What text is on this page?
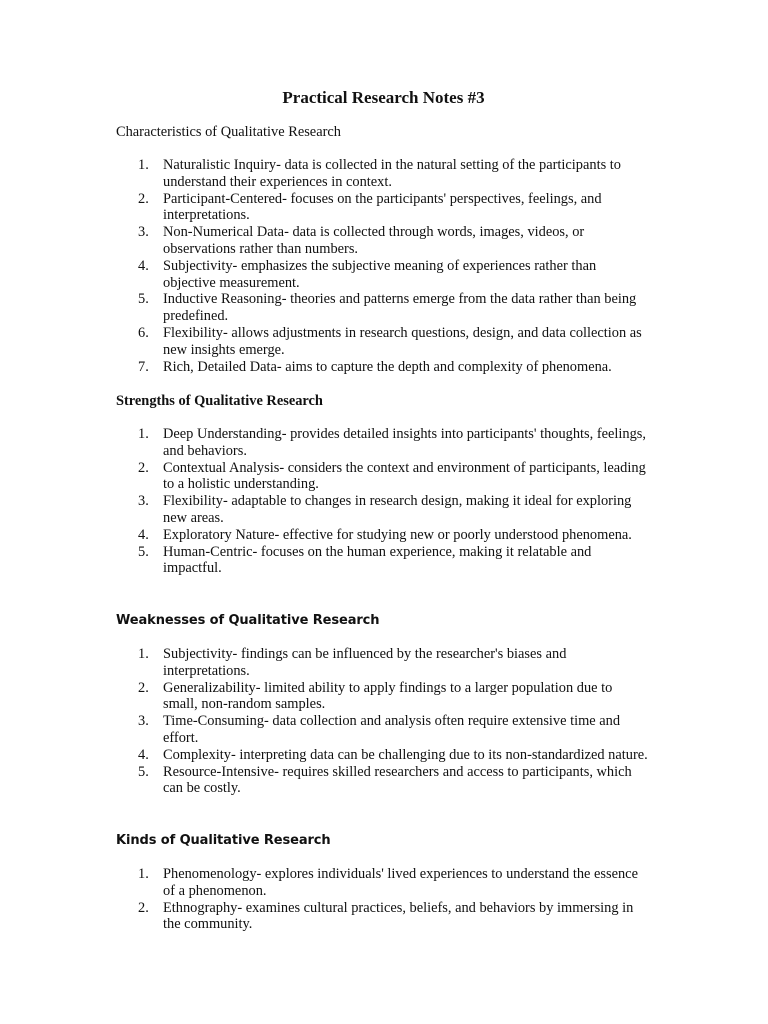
Practical Research Notes #3

Characteristics of Qualitative Research

1. Naturalistic Inquiry- data is collected in the natural setting of the participants to understand their experiences in context.
2. Participant-Centered- focuses on the participants' perspectives, feelings, and interpretations.
3. Non-Numerical Data- data is collected through words, images, videos, or observations rather than numbers.
4. Subjectivity- emphasizes the subjective meaning of experiences rather than objective measurement.
5. Inductive Reasoning- theories and patterns emerge from the data rather than being predefined.
6. Flexibility- allows adjustments in research questions, design, and data collection as new insights emerge.
7. Rich, Detailed Data- aims to capture the depth and complexity of phenomena.

Strengths of Qualitative Research

1. Deep Understanding- provides detailed insights into participants' thoughts, feelings, and behaviors.
2. Contextual Analysis- considers the context and environment of participants, leading to a holistic understanding.
3. Flexibility- adaptable to changes in research design, making it ideal for exploring new areas.
4. Exploratory Nature- effective for studying new or poorly understood phenomena.
5. Human-Centric- focuses on the human experience, making it relatable and impactful.

Weaknesses of Qualitative Research

1. Subjectivity- findings can be influenced by the researcher's biases and interpretations.
2. Generalizability- limited ability to apply findings to a larger population due to small, non-random samples.
3. Time-Consuming- data collection and analysis often require extensive time and effort.
4. Complexity- interpreting data can be challenging due to its non-standardized nature.
5. Resource-Intensive- requires skilled researchers and access to participants, which can be costly.

Kinds of Qualitative Research

1. Phenomenology- explores individuals' lived experiences to understand the essence of a phenomenon.
2. Ethnography- examines cultural practices, beliefs, and behaviors by immersing in the community.
